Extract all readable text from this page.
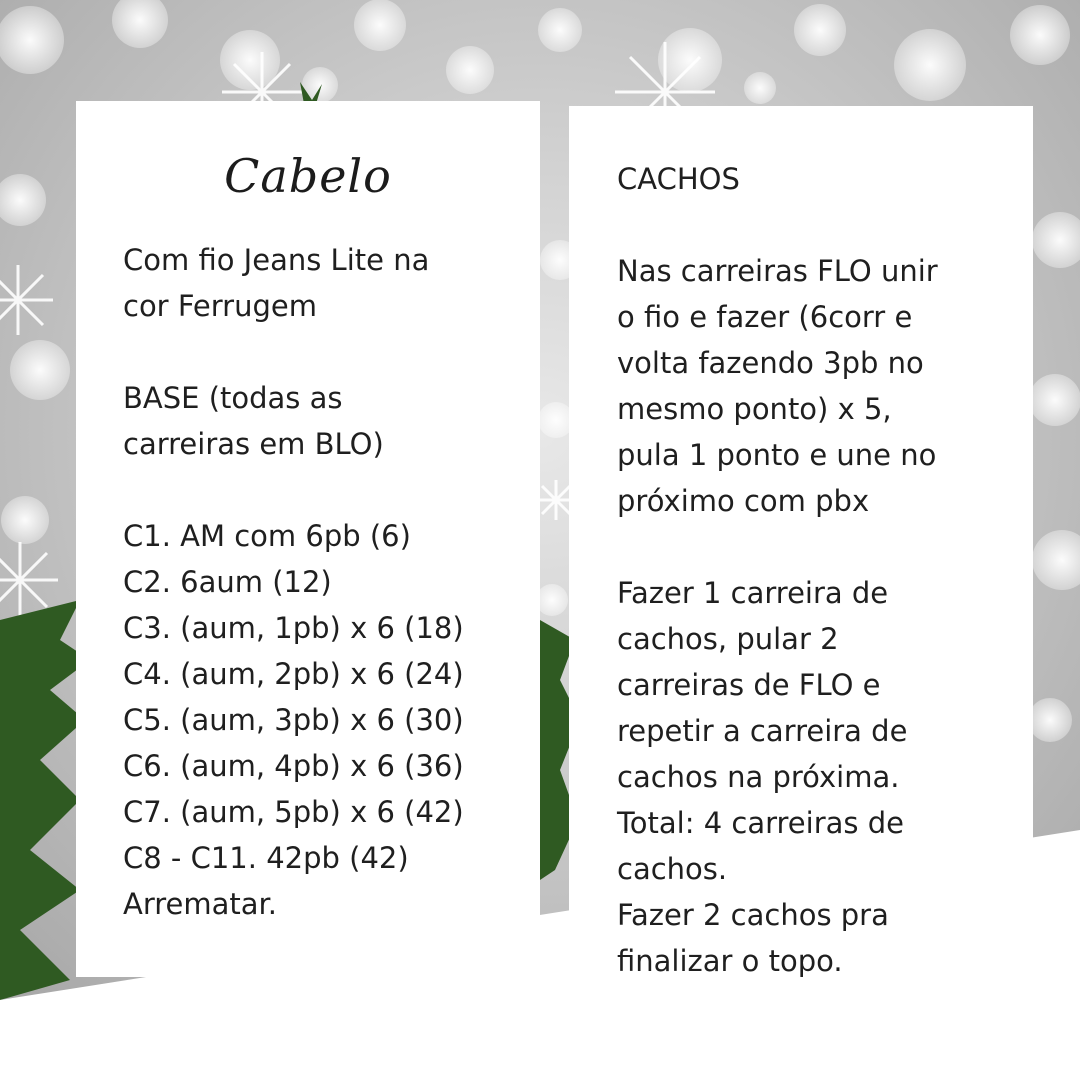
Cabelo

Com fio Jeans Lite na
cor Ferrugem

BASE (todas as

carreiras em BLO)

C1. AM com 6pb (6)

C2. 6aum (12)

C3. (aum, 1pb) x 6 (18)

C4. (aum, 2pb) x 6 (24)

C5. (aum, 3pb) x 6 (30)

C6. (aum, 4pb) x 6 (36)

C7. (aum, 5pb) x 6 (42)

C8 - C11. 42pb (42)

Arrematar.

CACHOS

Nas carreiras FLO unir
o fio e fazer (6corr e
volta fazendo 3pb no
mesmo ponto) x 5,
pula 1 ponto e une no
próximo com pbx

Fazer 1 carreira de
cachos, pular 2
carreiras de FLO e
repetir a carreira de
cachos na próxima.
Total: 4 carreiras de
cachos.
Fazer 2 cachos pra
finalizar o topo.
